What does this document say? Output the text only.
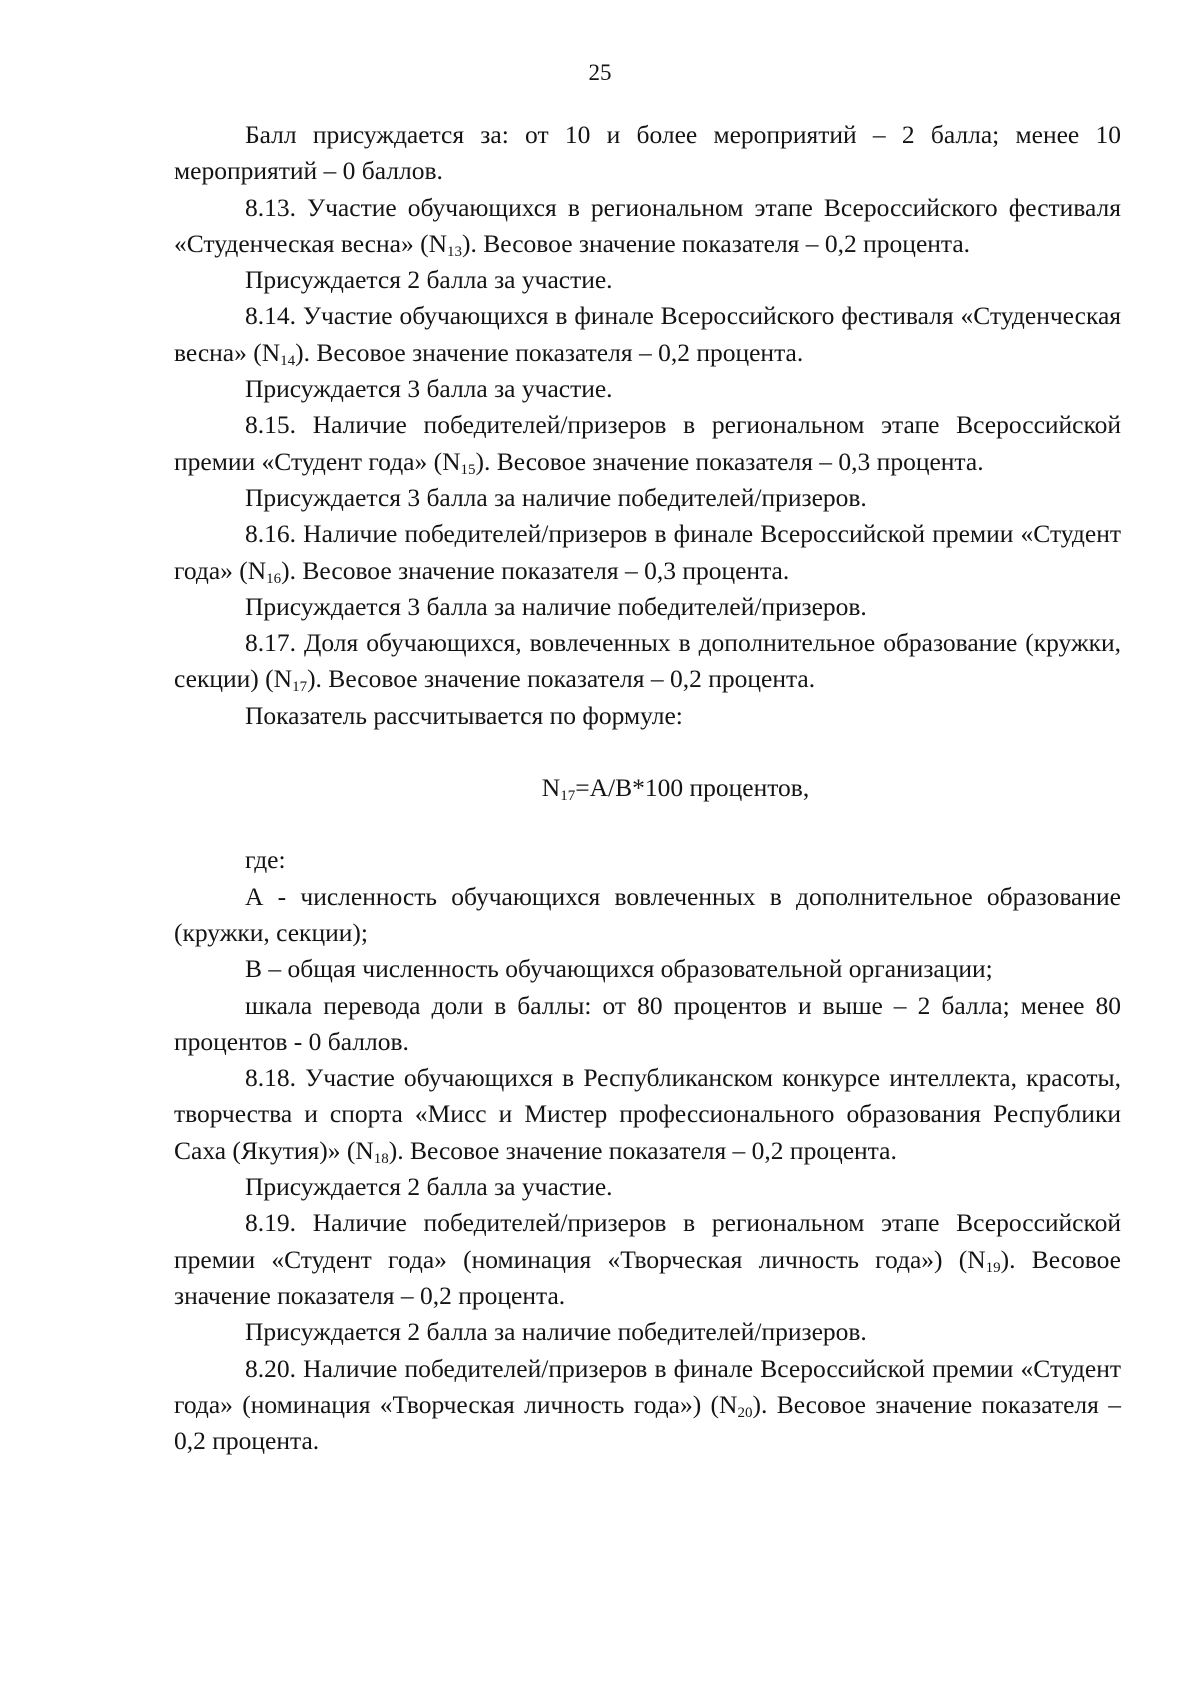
25

Балл присуждается за: от 10 и более мероприятий – 2 балла; менее 10 мероприятий – 0 баллов.

8.13. Участие обучающихся в региональном этапе Всероссийского фестиваля «Студенческая весна» $(N_{13})$. Весовое значение показателя – 0,2 процента.

Присуждается 2 балла за участие.

8.14. Участие обучающихся в финале Всероссийского фестиваля «Студенческая весна» $(N_{14})$. Весовое значение показателя – 0,2 процента.

Присуждается 3 балла за участие.

8.15. Наличие победителей/призеров в региональном этапе Всероссийской премии «Студент года» $(N_{15})$. Весовое значение показателя – 0,3 процента.

Присуждается 3 балла за наличие победителей/призеров.

8.16. Наличие победителей/призеров в финале Всероссийской премии «Студент года» $(N_{16})$. Весовое значение показателя – 0,3 процента.

Присуждается 3 балла за наличие победителей/призеров.

8.17. Доля обучающихся, вовлеченных в дополнительное образование (кружки, секции) $(N_{17})$. Весовое значение показателя – 0,2 процента.

Показатель рассчитывается по формуле:

$N_{17}=A/B*100$ процентов,

где:

А - численность обучающихся вовлеченных в дополнительное образование (кружки, секции);

В – общая численность обучающихся образовательной организации;

шкала перевода доли в баллы: от 80 процентов и выше – 2 балла; менее 80 процентов - 0 баллов.

8.18. Участие обучающихся в Республиканском конкурсе интеллекта, красоты, творчества и спорта «Мисс и Мистер профессионального образования Республики Саха (Якутия)» $(N_{18})$. Весовое значение показателя – 0,2 процента.

Присуждается 2 балла за участие.

8.19. Наличие победителей/призеров в региональном этапе Всероссийской премии «Студент года» (номинация «Творческая личность года») $(N_{19})$. Весовое значение показателя – 0,2 процента.

Присуждается 2 балла за наличие победителей/призеров.

8.20. Наличие победителей/призеров в финале Всероссийской премии «Студент года» (номинация «Творческая личность года») $(N_{20})$. Весовое значение показателя – 0,2 процента.
